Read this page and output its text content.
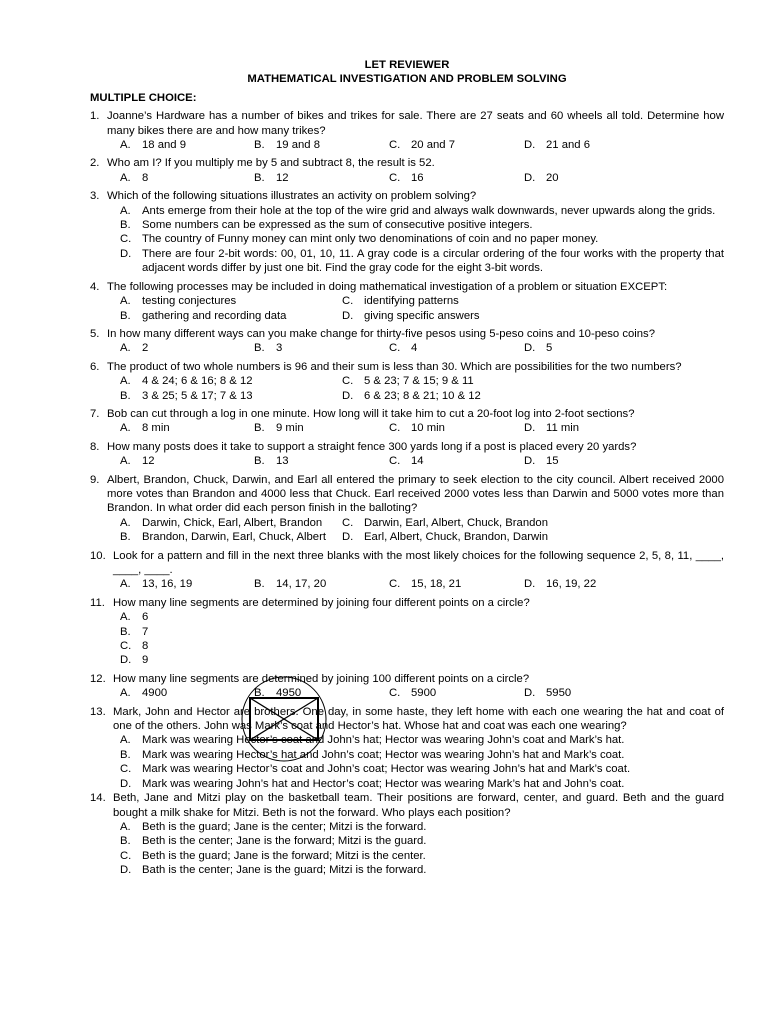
LET REVIEWER

MATHEMATICAL INVESTIGATION AND PROBLEM SOLVING

MULTIPLE CHOICE:
1. Joanne’s Hardware has a number of bikes and trikes for sale. There are 27 seats and 60 wheels all told. Determine how many bikes there are and how many trikes?
A.	18 and 9	B.	19 and 8	C. 20 and 7	D. 21 and 6
2. Who am I? If you multiply me by 5 and subtract 8, the result is 52.
A.	8	B.	12	C. 16	D. 20
3. Which of the following situations illustrates an activity on problem solving?
A.	Ants emerge from their hole at the top of the wire grid and always walk downwards, never upwards along the grids.
B.	Some numbers can be expressed as the sum of consecutive positive integers.
C. The country of Funny money can mint only two denominations of coin and no paper money.
D. There are four 2-bit words: 00, 01, 10, 11. A gray code is a circular ordering of the four works with the property that adjacent words differ by just one bit. Find the gray code for the eight 3-bit words.
4. The following processes may be included in doing mathematical investigation of a problem or situation EXCEPT:
A.	testing conjectures	C. identifying patterns
B.	gathering and recording data	D. giving specific answers
5. In how many different ways can you make change for thirty-five pesos using 5-peso coins and 10-peso coins?
A.	2	B.	3	C. 4	D. 5
6. The product of two whole numbers is 96 and their sum is less than 30. Which are possibilities for the two numbers?
A.	4 & 24; 6 & 16; 8 & 12	C. 5 & 23; 7 & 15; 9 & 11
B.	3 & 25; 5 & 17; 7 & 13	D. 6 & 23; 8 & 21; 10 & 12
7. Bob can cut through a log in one minute. How long will it take him to cut a 20-foot log into 2-foot sections?
A.	8 min	B.	9 min	C. 10 min	D. 11 min
8. How many posts does it take to support a straight fence 300 yards long if a post is placed every 20 yards?
A.	12	B.	13	C. 14	D. 15
9. Albert, Brandon, Chuck, Darwin, and Earl all entered the primary to seek election to the city council. Albert received 2000 more votes than Brandon and 4000 less that Chuck. Earl received 2000 votes less than Darwin and 5000 votes more than Brandon. In what order did each person finish in the balloting?
A.	Darwin, Chick, Earl, Albert, Brandon C. Darwin, Earl, Albert, Chuck, Brandon
B.	Brandon, Darwin, Earl, Chuck, Albert D. Earl, Albert, Chuck, Brandon, Darwin
10. Look for a pattern and fill in the next three blanks with the most likely choices for the following sequence 2, 5, 8, 11, ____, ____, ____.
A.	13, 16, 19	B.	14, 17, 20	C. 15, 18, 21	D. 16, 19, 22
11. How many line segments are determined by joining four different points on a circle?
A.	6
B.	7
C. 8
D. 9
12. How many line segments are determined by joining 100 different points on a circle?
A.	4900	B.	4950	C. 5900	D. 5950
13. Mark, John and Hector are brothers. One day, in some haste, they left home with each one wearing the hat and coat of one of the others. John was Mark’s coat and Hector’s hat. Whose hat and coat was each one wearing?
A.	Mark was wearing Hector’s coat and John’s hat; Hector was wearing John’s coat and Mark’s hat.
B.	Mark was wearing Hector’s hat and John’s coat; Hector was wearing John’s hat and Mark’s coat.
C. Mark was wearing Hector’s coat and John’s coat; Hector was wearing John’s hat and Mark’s coat.
D. Mark was wearing John’s hat and Hector’s coat; Hector was wearing Mark’s hat and John’s coat.
14. Beth, Jane and Mitzi play on the basketball team. Their positions are forward, center, and guard. Beth and the guard bought a milk shake for Mitzi. Beth is not the forward. Who plays each position?
A.	Beth is the guard; Jane is the center; Mitzi is the forward.
B.	Beth is the center; Jane is the forward; Mitzi is the guard.
C. Beth is the guard; Jane is the forward; Mitzi is the center.
D. Bath is the center; Jane is the guard; Mitzi is the forward.
